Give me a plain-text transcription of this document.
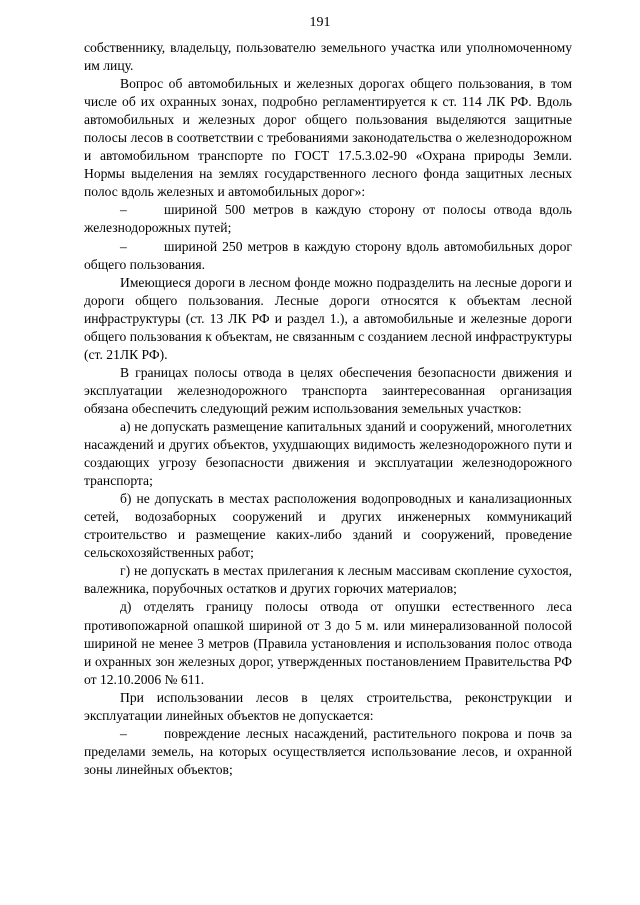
191

собственнику, владельцу, пользователю земельного участка или уполномоченному им лицу.

Вопрос об автомобильных и железных дорогах общего пользования, в том числе об их охранных зонах, подробно регламентируется к ст. 114 ЛК РФ. Вдоль автомобильных и железных дорог общего пользования выделяются защитные полосы лесов в соответствии с требованиями законодательства о железнодорожном и автомобильном транспорте по ГОСТ 17.5.3.02-90 «Охрана природы Земли. Нормы выделения на землях государственного лесного фонда защитных лесных полос вдоль железных и автомобильных дорог»:

–	шириной 500 метров в каждую сторону от полосы отвода вдоль железнодорожных путей;

–	шириной 250 метров в каждую сторону вдоль автомобильных дорог общего пользования.

Имеющиеся дороги в лесном фонде можно подразделить на лесные дороги и дороги общего пользования. Лесные дороги относятся к объектам лесной инфраструктуры (ст. 13 ЛК РФ и раздел 1.), а автомобильные и железные дороги общего пользования к объектам, не связанным с созданием лесной инфраструктуры (ст. 21ЛК РФ).

В границах полосы отвода в целях обеспечения безопасности движения и эксплуатации железнодорожного транспорта заинтересованная организация обязана обеспечить следующий режим использования земельных участков:

а) не допускать размещение капитальных зданий и сооружений, многолетних насаждений и других объектов, ухудшающих видимость железнодорожного пути и создающих угрозу безопасности движения и эксплуатации железнодорожного транспорта;

б) не допускать в местах расположения водопроводных и канализационных сетей, водозаборных сооружений и других инженерных коммуникаций строительство и размещение каких-либо зданий и сооружений, проведение сельскохозяйственных работ;

г) не допускать в местах прилегания к лесным массивам скопление сухостоя, валежника, порубочных остатков и других горючих материалов;

д) отделять границу полосы отвода от опушки естественного леса противопожарной опашкой шириной от 3 до 5 м. или минерализованной полосой шириной не менее 3 метров (Правила установления и использования полос отвода и охранных зон железных дорог, утвержденных постановлением Правительства РФ от 12.10.2006 № 611.

При использовании лесов в целях строительства, реконструкции и эксплуатации линейных объектов не допускается:

–	повреждение лесных насаждений, растительного покрова и почв за пределами земель, на которых осуществляется использование лесов, и охранной зоны линейных объектов;
